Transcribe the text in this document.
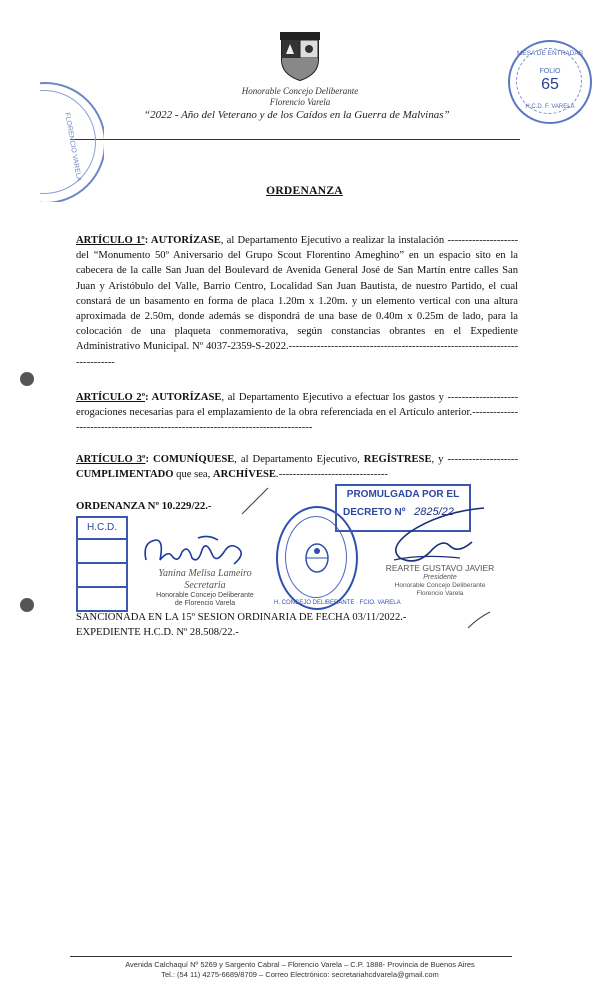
Honorable Concejo Deliberante
Florencio Varela
“2022 - Año del Veterano y de los Caídos en la Guerra de Malvinas”
FLORENCIO VARELA
MESA DE ENTRADAS
FOLIO
65
H.C.D. F. VARELA
ORDENANZA
ARTÍCULO 1º: AUTORÍZASE, al Departamento Ejecutivo a realizar la instalación -------------------- del “Monumento 50º Aniversario del Grupo Scout Florentino Ameghino” en un espacio sito en la cabecera de la calle San Juan del Boulevard de Avenida General José de San Martín entre calles San Juan y Aristóbulo del Valle, Barrio Centro, Localidad San Juan Bautista, de nuestro Partido, el cual constará de un basamento en forma de placa 1.20m x 1.20m. y un elemento vertical con una altura aproximada de 2.50m, donde además se dispondrá de una base de 0.40m x 0.25m de lado, para la colocación de una plaqueta conmemorativa, según constancias obrantes en el Expediente Administrativo Municipal. Nº 4037-2359-S-2022.----------------------------------------------------------------------------
ARTÍCULO 2º: AUTORÍZASE, al Departamento Ejecutivo a efectuar los gastos y -------------------- erogaciones necesarias para el emplazamiento de la obra referenciada en el Artículo anterior.--------------------------------------------------------------------------------
ARTÍCULO 3º: COMUNÍQUESE, al Departamento Ejecutivo, REGÍSTRESE, y -------------------- CUMPLIMENTADO que sea, ARCHÍVESE.-------------------------------
ORDENANZA Nº 10.229/22.-
H.C.D.
Yanina Melisa Lameiro
Secretaria
Honorable Concejo Deliberante
de Florencio Varela	H. CONCEJO DELIBERANTE · FCIO. VARELA
PROMULGADA POR EL
DECRETO Nº 2825/22
REARTE GUSTAVO JAVIER
Presidente
Honorable Concejo Deliberante
Florencio Varela
SANCIONADA EN LA 15º SESION ORDINARIA DE FECHA 03/11/2022.-
EXPEDIENTE H.C.D. Nº 28.508/22.-
Avenida Calchaquí Nº 5269 y Sargento Cabral – Florencio Varela – C.P. 1888- Provincia de Buenos Aires
Tel.: (54 11) 4275-6689/8709 – Correo Electrónico: secretariahcdvarela@gmail.com
